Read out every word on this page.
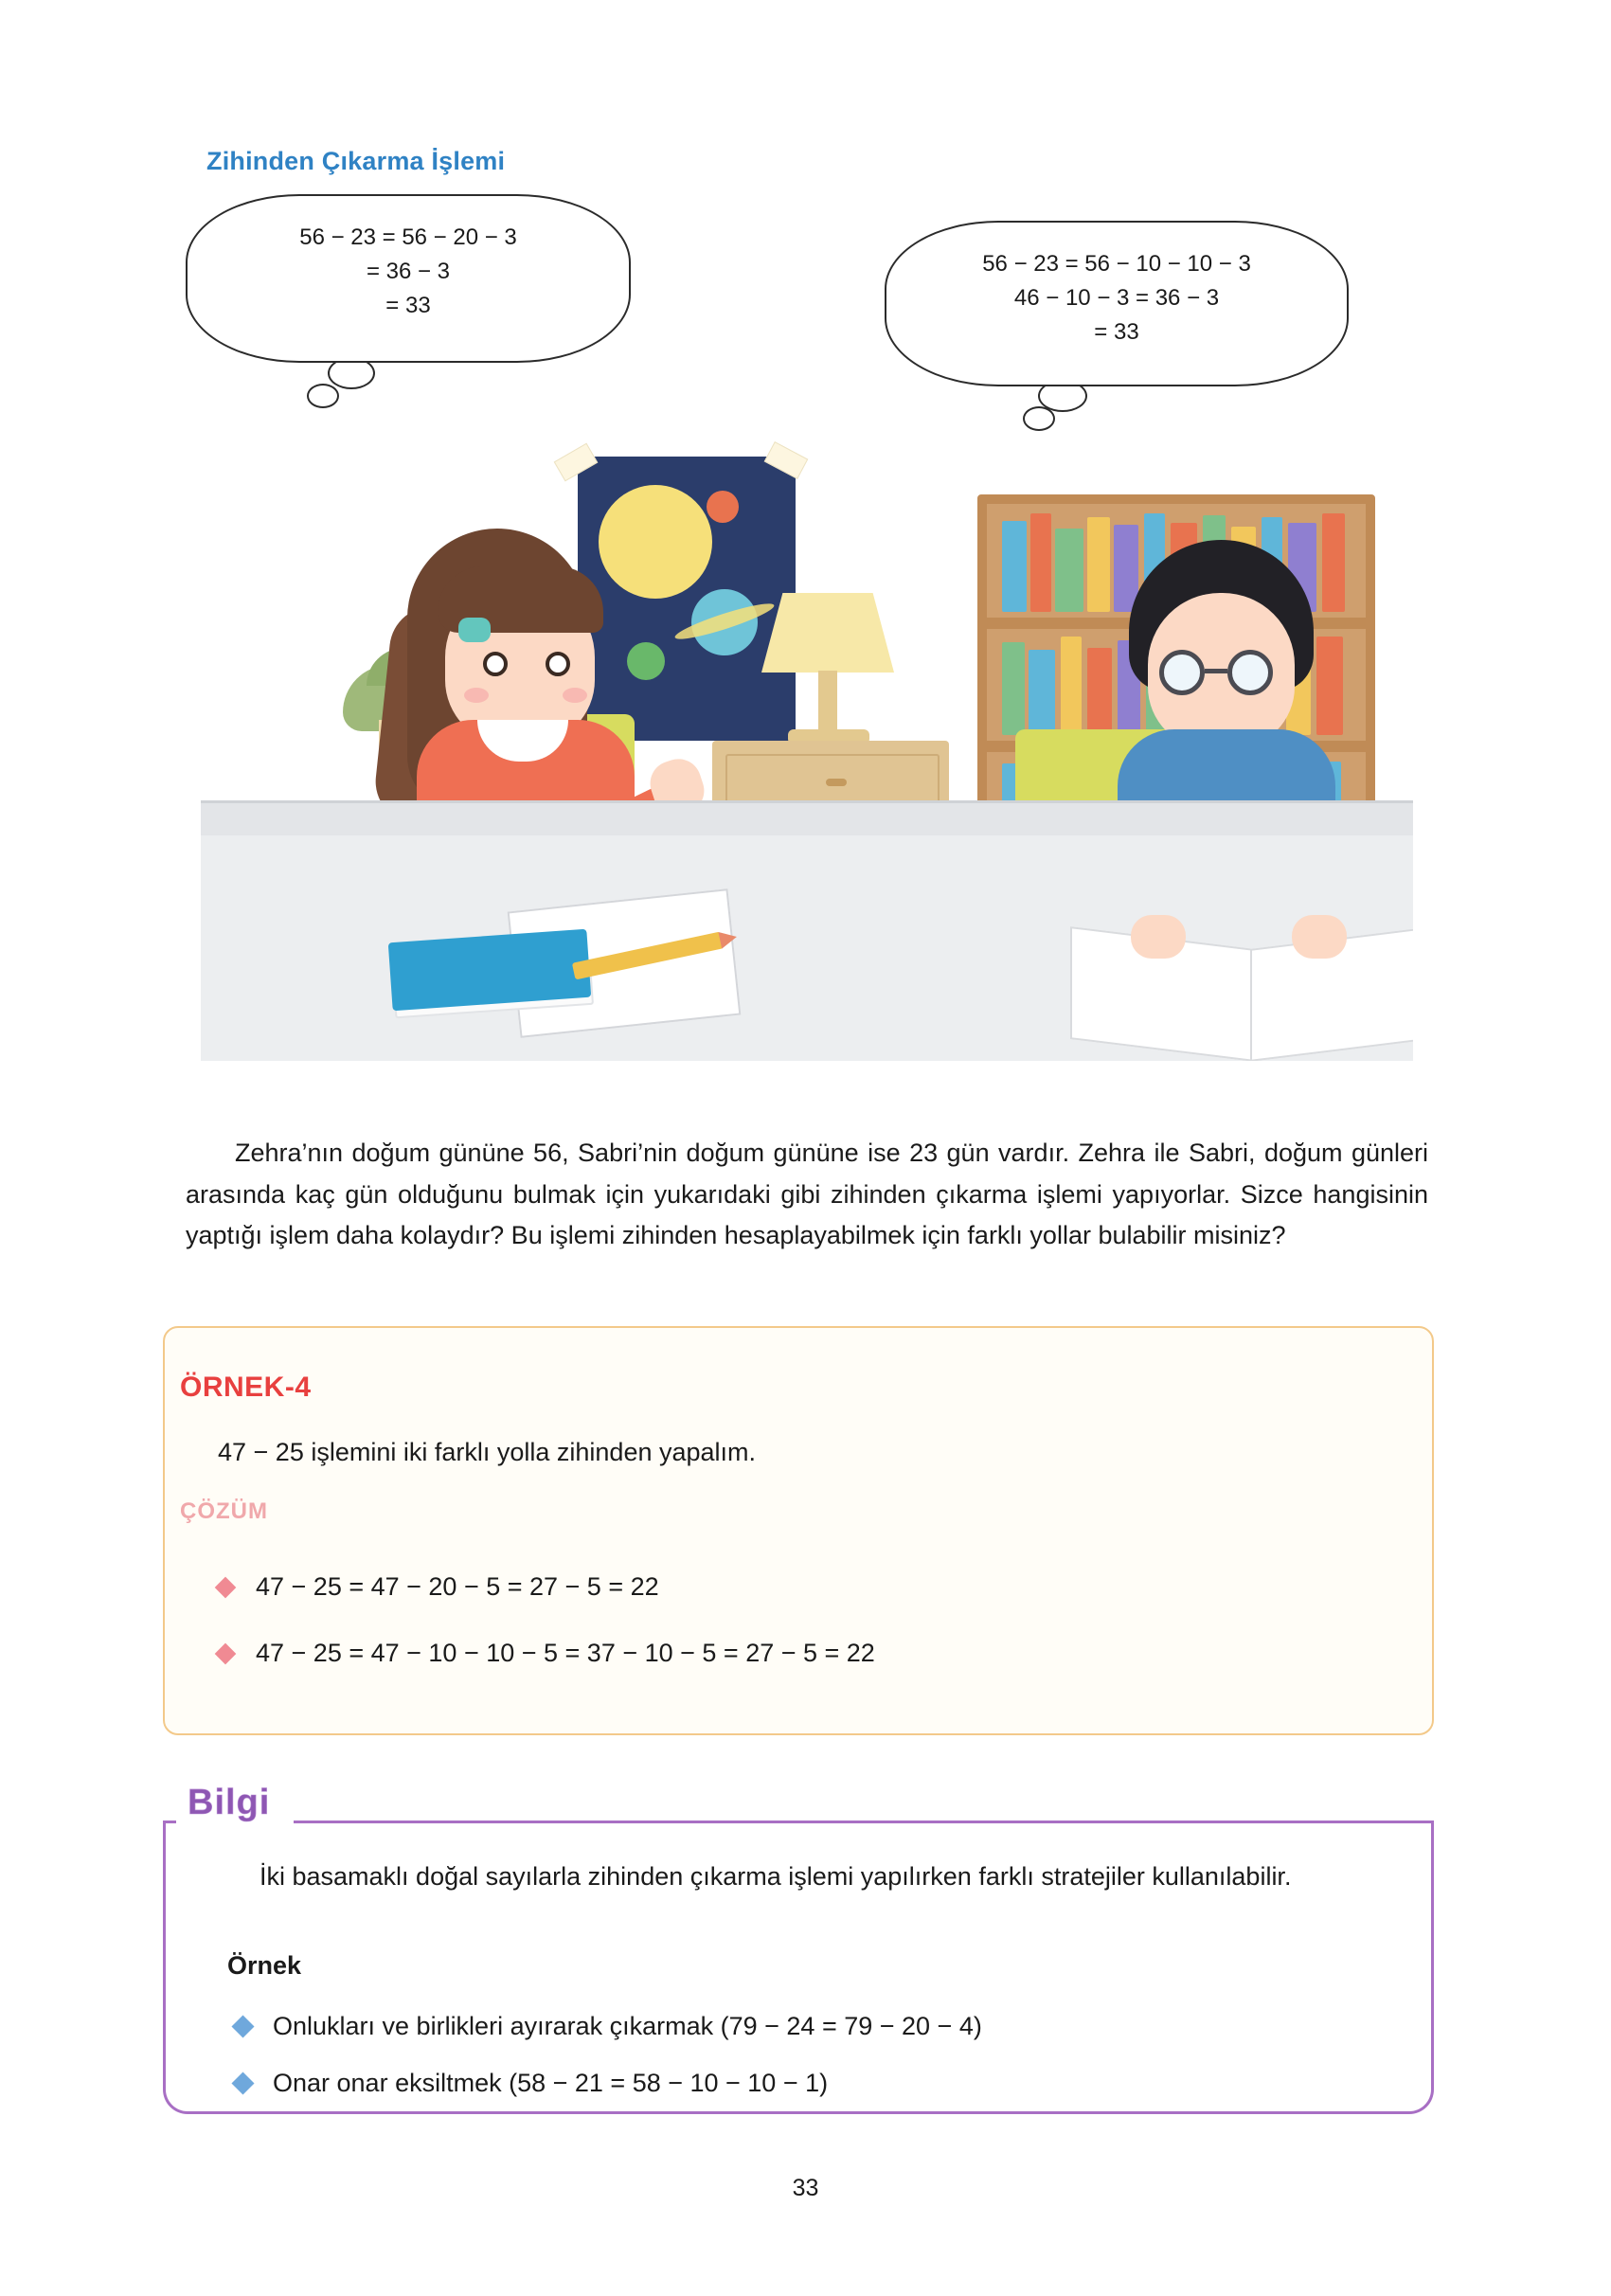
Zihinden Çıkarma İşlemi
56 − 23 = 56 − 20 − 3
= 36 − 3
= 33
56 − 23 = 56 − 10 − 10 − 3
46 − 10 − 3 = 36 − 3
= 33
Zehra’nın doğum gününe 56, Sabri’nin doğum gününe ise 23 gün vardır. Zehra ile Sabri, doğum günleri arasında kaç gün olduğunu bulmak için yukarıdaki gibi zihinden çıkarma işlemi yapıyorlar. Sizce hangisinin yaptığı işlem daha kolaydır? Bu işlemi zihinden hesaplayabilmek için farklı yollar bulabilir misiniz?
ÖRNEK-4
47 − 25 işlemini iki farklı yolla zihinden yapalım.
ÇÖZÜM
47 − 25 = 47 − 20 − 5 = 27 − 5 = 22
47 − 25 = 47 − 10 − 10 − 5 = 37 − 10 − 5 = 27 − 5 = 22
Bilgi
İki basamaklı doğal sayılarla zihinden çıkarma işlemi yapılırken farklı stratejiler kullanılabilir.
Örnek
Onlukları ve birlikleri ayırarak çıkarmak (79 − 24 = 79 − 20 − 4)
Onar onar eksiltmek (58 − 21 = 58 − 10 − 10 − 1)
33
